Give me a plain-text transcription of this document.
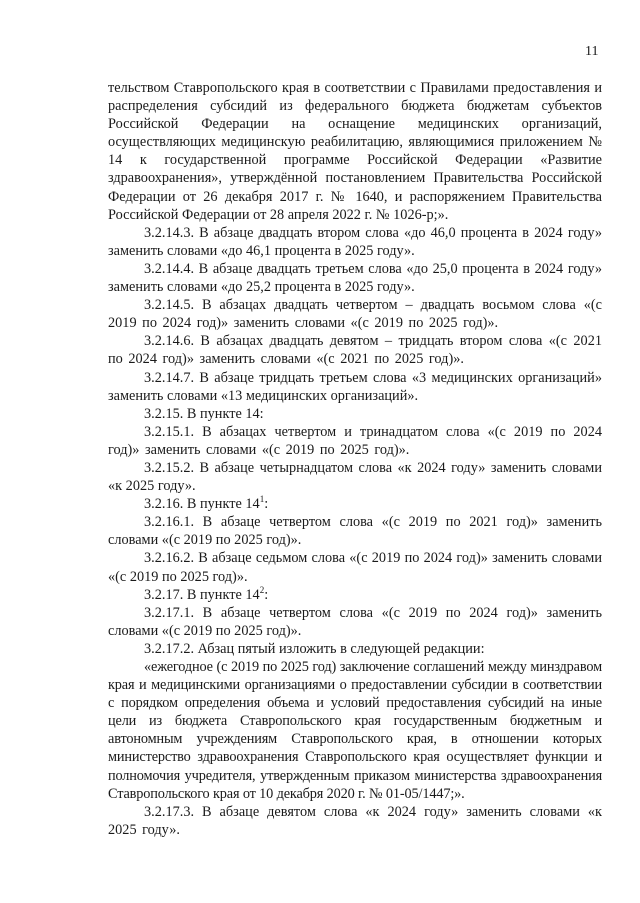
11

тельством Ставропольского края в соответствии с Правилами предоставления и распределения субсидий из федерального бюджета бюджетам субъектов Российской Федерации на оснащение медицинских организаций, осуществляющих медицинскую реабилитацию, являющимися приложением № 14 к государственной программе Российской Федерации «Развитие здравоохранения», утверждённой постановлением Правительства Российской Федерации от 26 декабря 2017 г. № 1640, и распоряжением Правительства Российской Федерации от 28 апреля 2022 г. № 1026-р;».

3.2.14.3. В абзаце двадцать втором слова «до 46,0 процента в 2024 году» заменить словами «до 46,1 процента в 2025 году».

3.2.14.4. В абзаце двадцать третьем слова «до 25,0 процента в 2024 году» заменить словами «до 25,2 процента в 2025 году».

3.2.14.5. В абзацах двадцать четвертом – двадцать восьмом слова «(с 2019 по 2024 год)» заменить словами «(с 2019 по 2025 год)».

3.2.14.6. В абзацах двадцать девятом – тридцать втором слова «(с 2021 по 2024 год)» заменить словами «(с 2021 по 2025 год)».

3.2.14.7. В абзаце тридцать третьем слова «3 медицинских организаций» заменить словами «13 медицинских организаций».

3.2.15. В пункте 14:

3.2.15.1. В абзацах четвертом и тринадцатом слова «(с 2019 по 2024 год)» заменить словами «(с 2019 по 2025 год)».

3.2.15.2. В абзаце четырнадцатом слова «к 2024 году» заменить словами «к 2025 году».

3.2.16. В пункте $14^1$:

3.2.16.1. В абзаце четвертом слова «(с 2019 по 2021 год)» заменить словами «(с 2019 по 2025 год)».

3.2.16.2. В абзаце седьмом слова «(с 2019 по 2024 год)» заменить словами «(с 2019 по 2025 год)».

3.2.17. В пункте $14^2$:

3.2.17.1. В абзаце четвертом слова «(с 2019 по 2024 год)» заменить словами «(с 2019 по 2025 год)».

3.2.17.2. Абзац пятый изложить в следующей редакции:

«ежегодное (с 2019 по 2025 год) заключение соглашений между минздравом края и медицинскими организациями о предоставлении субсидии в соответствии с порядком определения объема и условий предоставления субсидий на иные цели из бюджета Ставропольского края государственным бюджетным и автономным учреждениям Ставропольского края, в отношении которых министерство здравоохранения Ставропольского края осуществляет функции и полномочия учредителя, утвержденным приказом министерства здравоохранения Ставропольского края от 10 декабря 2020 г. № 01-05/1447;».

3.2.17.3. В абзаце девятом слова «к 2024 году» заменить словами «к 2025 году».
